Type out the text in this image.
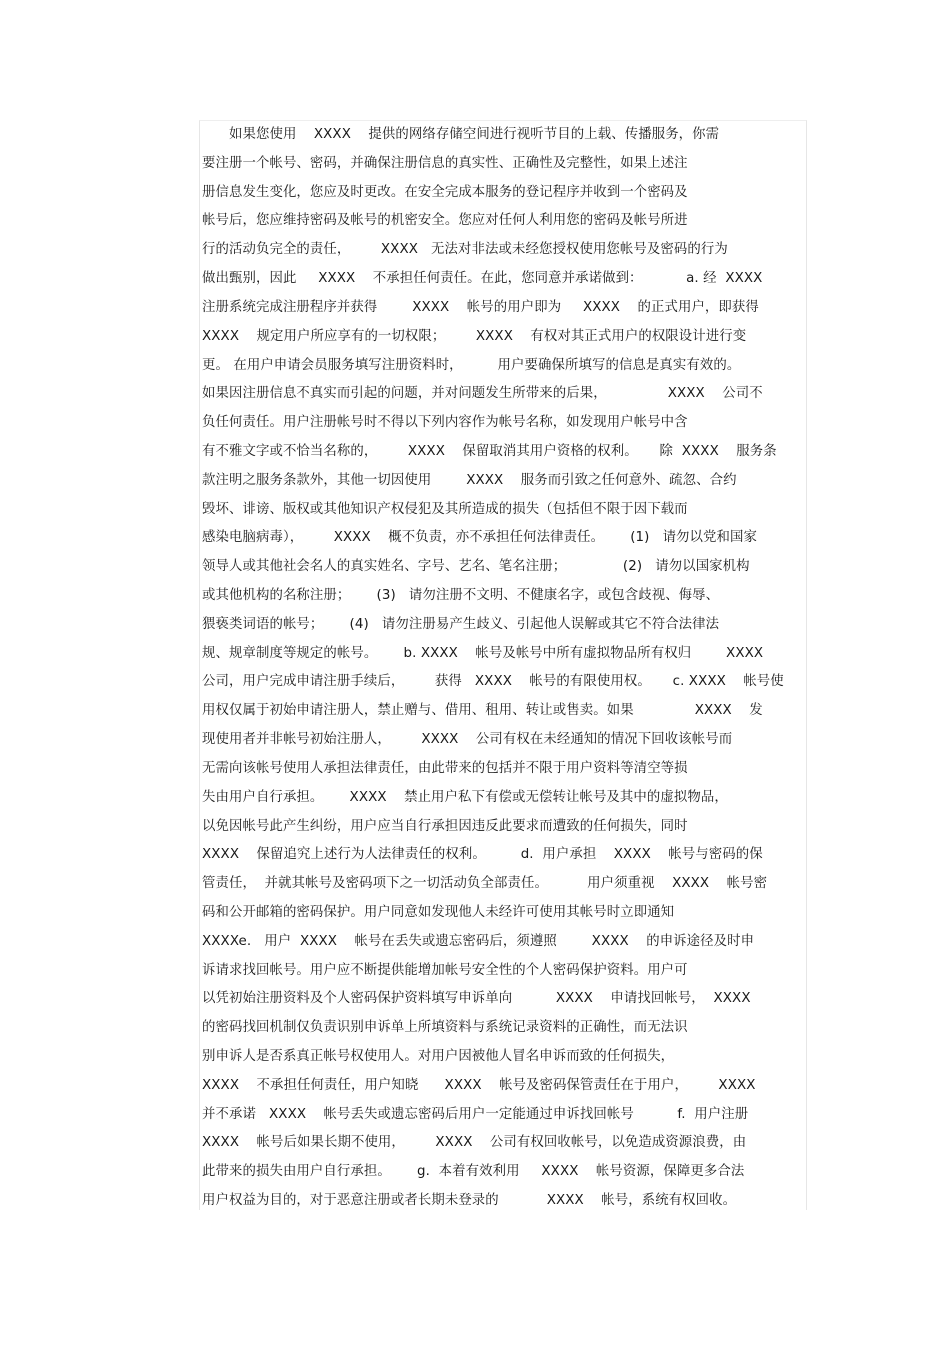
如果您使用    XXXX    提供的网络存储空间进行视听节目的上载、传播服务，你需
要注册一个帐号、密码，并确保注册信息的真实性、正确性及完整性，如果上述注
册信息发生变化，您应及时更改。在安全完成本服务的登记程序并收到一个密码及
帐号后，您应维持密码及帐号的机密安全。您应对任何人利用您的密码及帐号所进
行的活动负完全的责任，       XXXX   无法对非法或未经您授权使用您帐号及密码的行为
做出甄别，因此     XXXX    不承担任何责任。在此，您同意并承诺做到：          a. 经  XXXX
注册系统完成注册程序并获得        XXXX    帐号的用户即为     XXXX    的正式用户，即获得
XXXX    规定用户所应享有的一切权限；       XXXX    有权对其正式用户的权限设计进行变
更。 在用户申请会员服务填写注册资料时，        用户要确保所填写的信息是真实有效的。
如果因注册信息不真实而引起的问题，并对问题发生所带来的后果，              XXXX    公司不
负任何责任。用户注册帐号时不得以下列内容作为帐号名称，如发现用户帐号中含
有不雅文字或不恰当名称的，       XXXX    保留取消其用户资格的权利。     除  XXXX    服务条
款注明之服务条款外，其他一切因使用        XXXX    服务而引致之任何意外、疏忽、合约
毁坏、诽谤、版权或其他知识产权侵犯及其所造成的损失（包括但不限于因下载而
感染电脑病毒），       XXXX    概不负责，亦不承担任何法律责任。      (1)   请勿以党和国家
领导人或其他社会名人的真实姓名、字号、艺名、笔名注册；             (2)   请勿以国家机构
或其他机构的名称注册；      (3)   请勿注册不文明、不健康名字，或包含歧视、侮辱、
猥亵类词语的帐号；      (4)   请勿注册易产生歧义、引起他人误解或其它不符合法律法
规、规章制度等规定的帐号。      b. XXXX    帐号及帐号中所有虚拟物品所有权归        XXXX
公司，用户完成申请注册手续后，       获得   XXXX    帐号的有限使用权。     c. XXXX    帐号使
用权仅属于初始申请注册人，禁止赠与、借用、租用、转让或售卖。如果              XXXX    发
现使用者并非帐号初始注册人，       XXXX    公司有权在未经通知的情况下回收该帐号而
无需向该帐号使用人承担法律责任，由此带来的包括并不限于用户资料等清空等损
失由用户自行承担。      XXXX    禁止用户私下有偿或无偿转让帐号及其中的虚拟物品，
以免因帐号此产生纠纷，用户应当自行承担因违反此要求而遭致的任何损失，同时
XXXX    保留追究上述行为人法律责任的权利。        d.  用户承担    XXXX    帐号与密码的保
管责任，  并就其帐号及密码项下之一切活动负全部责任。         用户须重视    XXXX    帐号密
码和公开邮箱的密码保护。用户同意如发现他人未经许可使用其帐号时立即通知
XXXXe.   用户  XXXX    帐号在丢失或遗忘密码后，须遵照        XXXX    的申诉途径及时申
诉请求找回帐号。用户应不断提供能增加帐号安全性的个人密码保护资料。用户可
以凭初始注册资料及个人密码保护资料填写申诉单向          XXXX    申请找回帐号，  XXXX
的密码找回机制仅负责识别申诉单上所填资料与系统记录资料的正确性，而无法识
别申诉人是否系真正帐号权使用人。对用户因被他人冒名申诉而致的任何损失，
XXXX    不承担任何责任，用户知晓      XXXX    帐号及密码保管责任在于用户，       XXXX
并不承诺   XXXX    帐号丢失或遗忘密码后用户一定能通过申诉找回帐号          f.  用户注册
XXXX    帐号后如果长期不使用，       XXXX    公司有权回收帐号，以免造成资源浪费，由
此带来的损失由用户自行承担。      g.  本着有效利用     XXXX    帐号资源，保障更多合法
用户权益为目的，对于恶意注册或者长期未登录的           XXXX    帐号，系统有权回收。
